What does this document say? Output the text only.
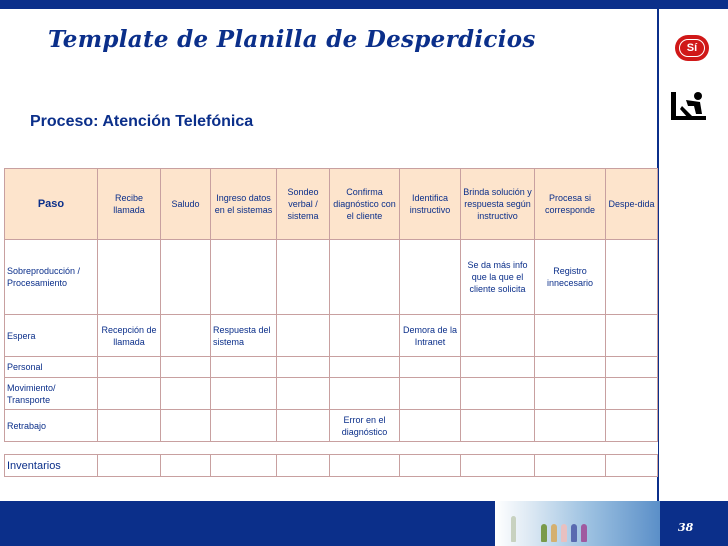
Template de Planilla de Desperdicios	Sí
Proceso: Atención Telefónica
Paso	Recibe llamada	Saludo	Ingreso datos en el sistemas	Sondeo verbal / sistema	Confirma diagnóstico con el cliente	Identifica instructivo	Brinda solución y respuesta según instructivo	Procesa si corresponde	Despe-dida
Sobreproducción / Procesamiento							Se da más info que la que el cliente solicita	Registro innecesario	
Espera	Recepción de llamada		Respuesta del sistema			Demora de la Intranet			
Personal									
Movimiento/ Transporte									
Retrabajo					Error en el diagnóstico				

Inventarios									
38
